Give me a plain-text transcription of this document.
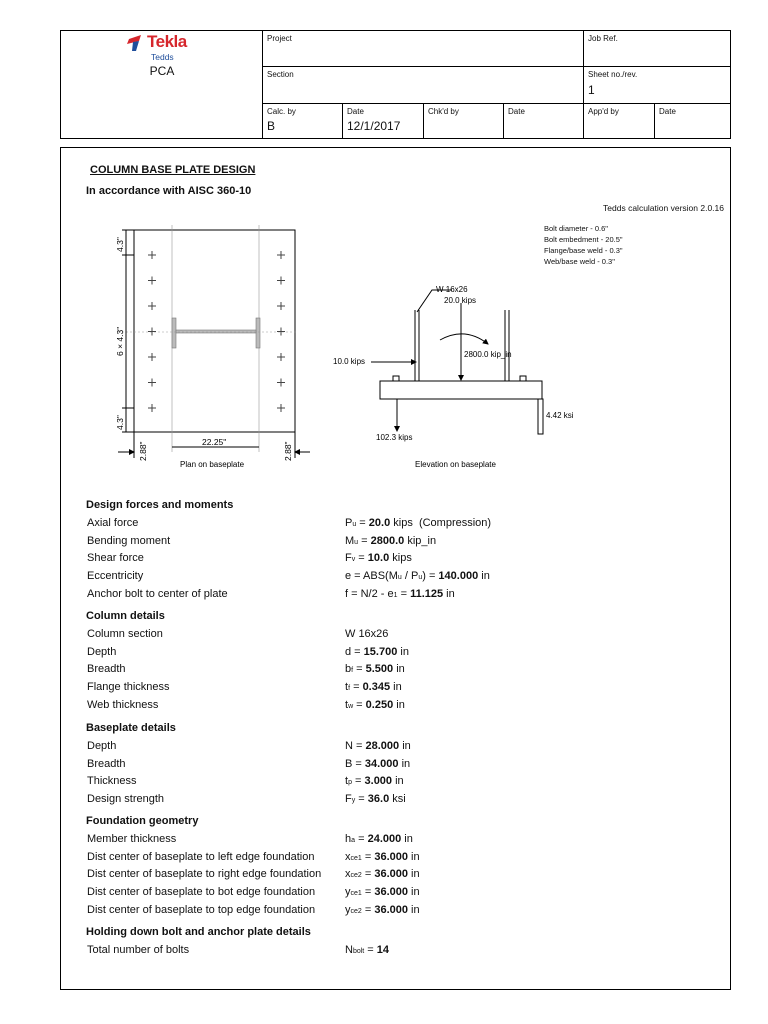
Tekla
Tedds
PCA
Project	Job Ref.
Section	Sheet no./rev.
1
Calc. by
B
Date
12/1/2017
Chk'd by	Date	App'd by	Date
COLUMN BASE PLATE DESIGN
In accordance with AISC 360-10
Tedds calculation version 2.0.16
Bolt diameter - 0.6"
Bolt embedment - 20.5"
Flange/base weld - 0.3"
Web/base weld - 0.3"
4.3"
6 × 4.3"
4.3"
22.25"
2.88"	2.88"
Plan on baseplate
W 16x26
20.0 kips
2800.0 kip_in
10.0 kips
102.3 kips
4.42 ksi
Elevation on baseplate
Design forces and moments
Axial force	Pu = 20.0 kips  (Compression)
Bending moment	Mu = 2800.0 kip_in
Shear force	Fv = 10.0 kips
Eccentricity	e = ABS(Mu / Pu) = 140.000 in
Anchor bolt to center of plate	f = N/2 - e1 = 11.125 in
Column details
Column section	W 16x26
Depth	d = 15.700 in
Breadth	bf = 5.500 in
Flange thickness	tf = 0.345 in
Web thickness	tw = 0.250 in
Baseplate details
Depth	N = 28.000 in
Breadth	B = 34.000 in
Thickness	tp = 3.000 in
Design strength	Fy = 36.0 ksi
Foundation geometry
Member thickness	ha = 24.000 in
Dist center of baseplate to left edge foundation	xce1 = 36.000 in
Dist center of baseplate to right edge foundation xce2 = 36.000 in
Dist center of baseplate to bot edge foundation	yce1 = 36.000 in
Dist center of baseplate to top edge foundation	yce2 = 36.000 in
Holding down bolt and anchor plate details
Total number of bolts	Nbolt = 14
